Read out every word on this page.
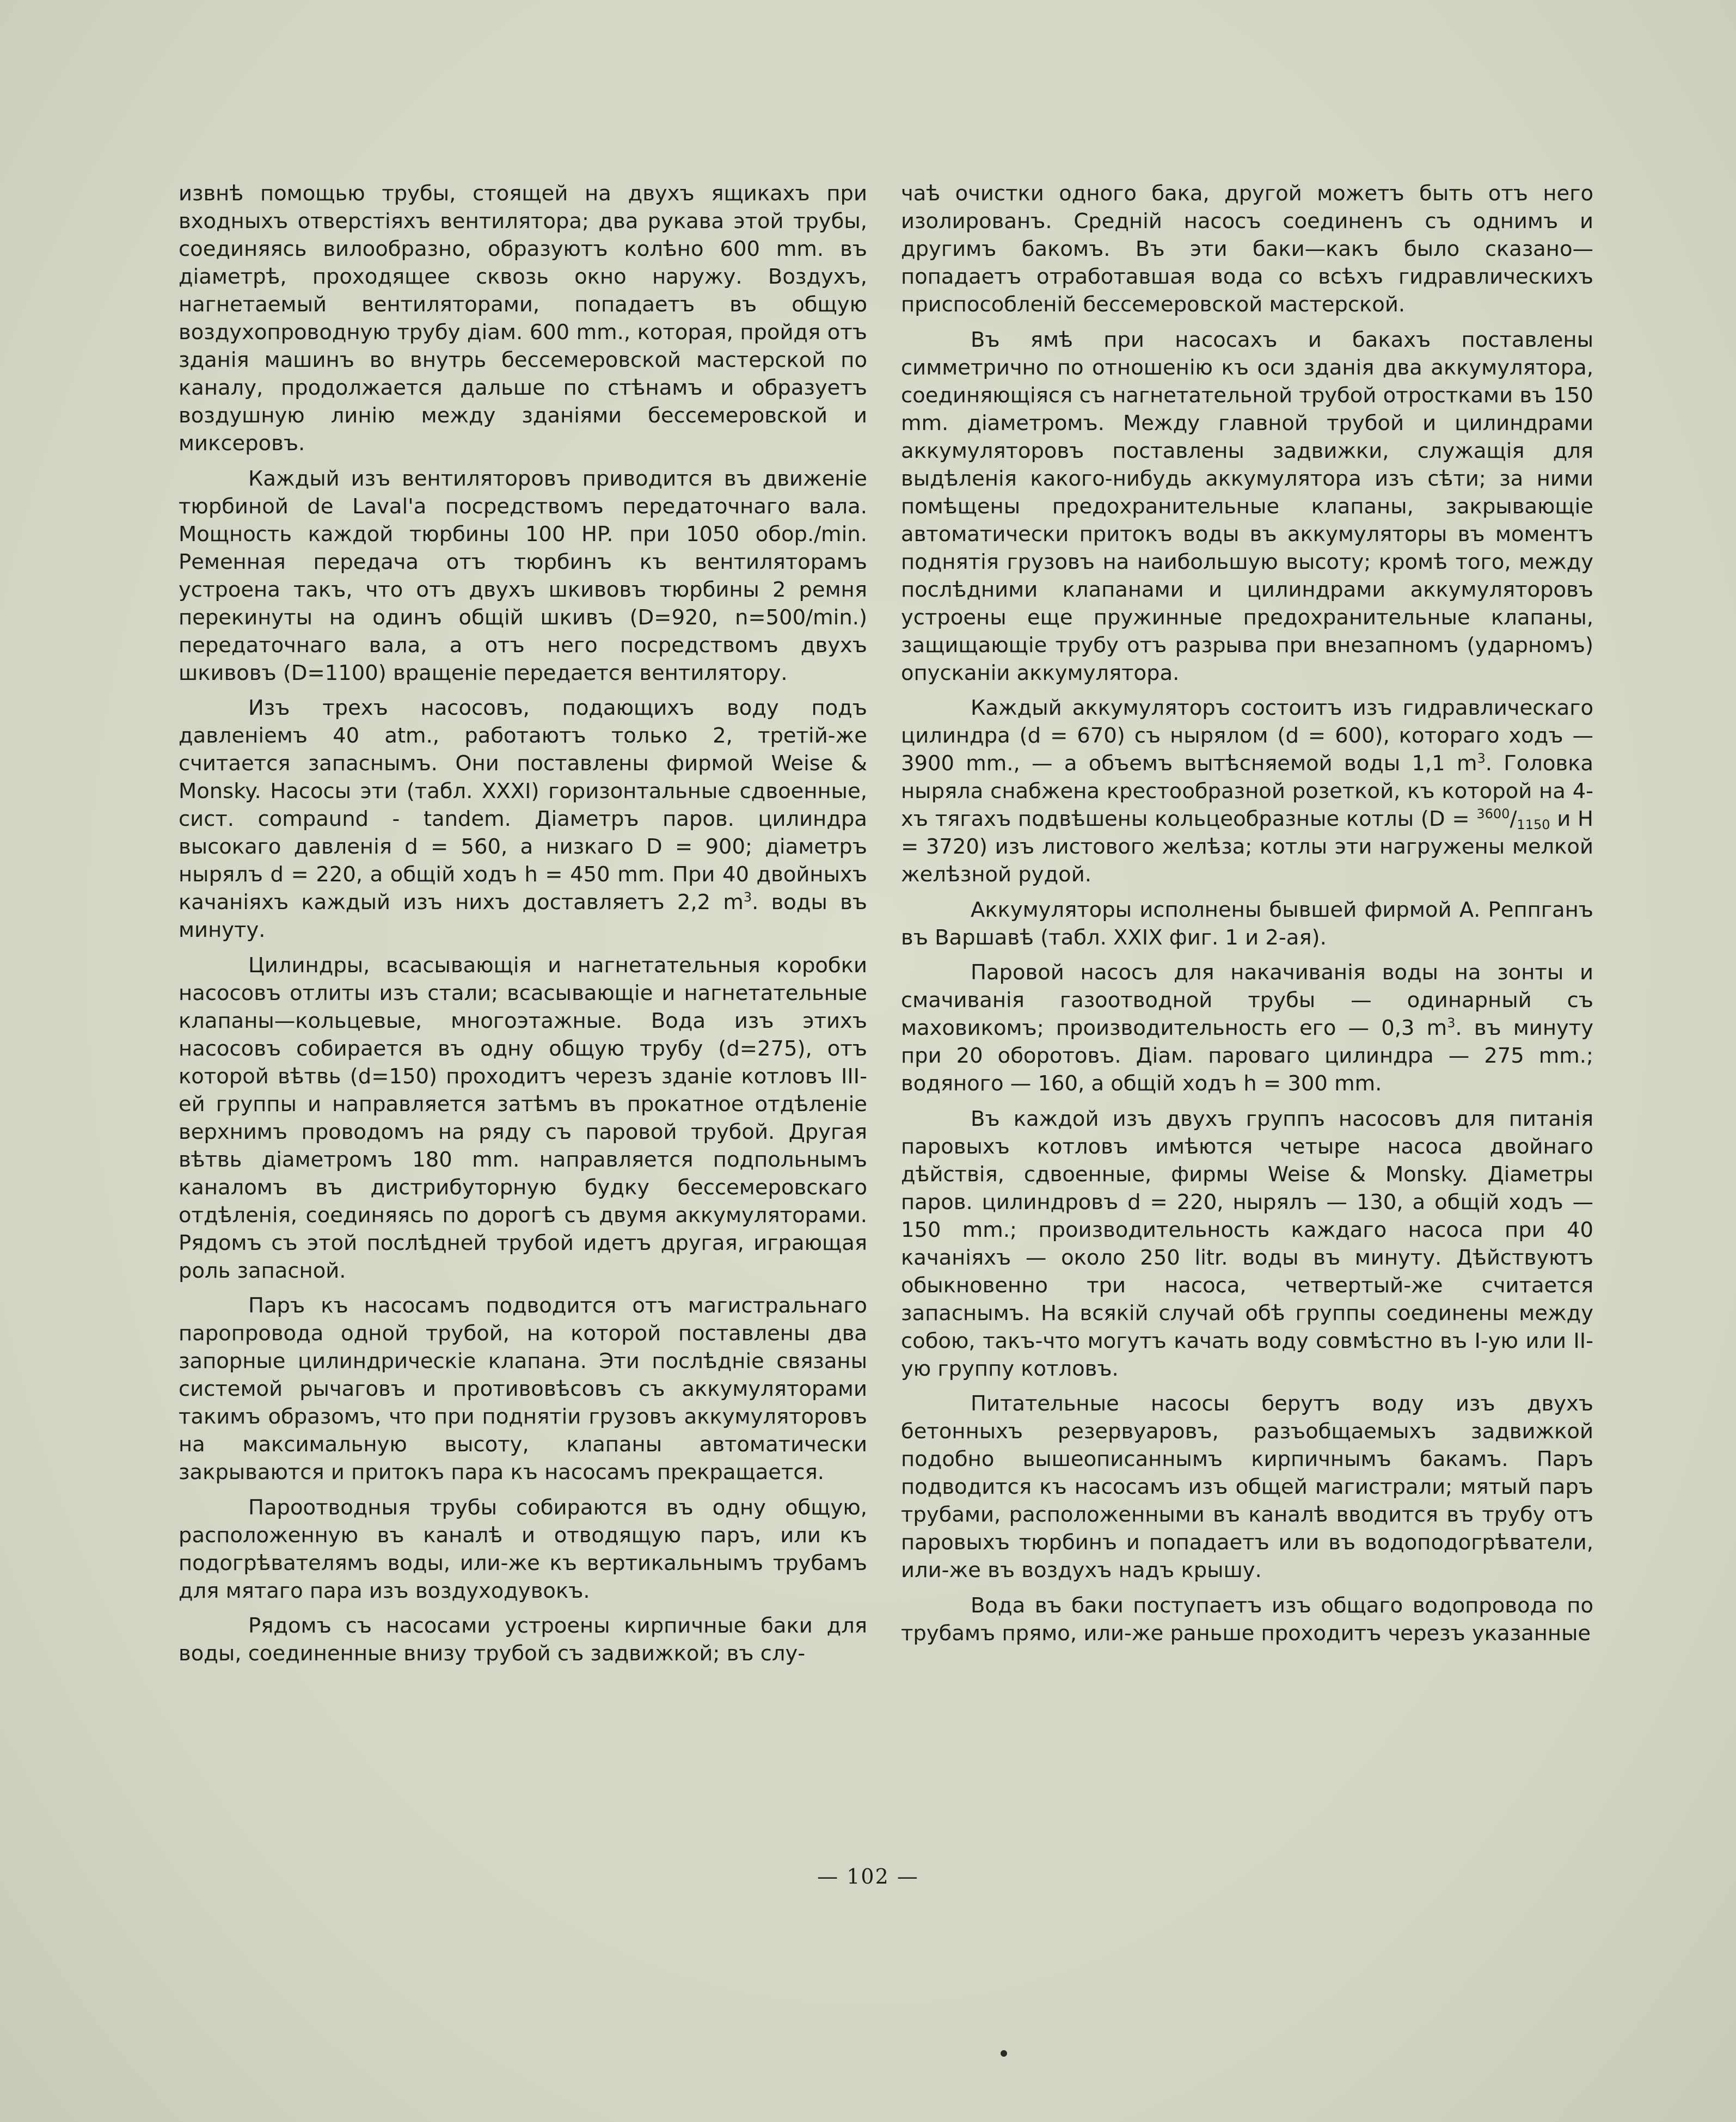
извнѣ помощью трубы, стоящей на двухъ ящикахъ при входныхъ отверстіяхъ вентилятора; два рукава этой трубы, соединяясь вилообразно, образуютъ колѣно 600 mm. въ діаметрѣ, проходящее сквозь окно наружу. Воздухъ, нагнетаемый вентиляторами, попадаетъ въ общую воздухопроводную трубу діам. 600 mm., которая, пройдя отъ зданія машинъ во внутрь бессемеровской мастерской по каналу, продолжается дальше по стѣнамъ и образуетъ воздушную линію между зданіями бессемеровской и миксеровъ.

Каждый изъ вентиляторовъ приводится въ движеніе тюрбиной de Laval'а посредствомъ передаточнаго вала. Мощность каждой тюрбины 100 HP. при 1050 обор./min. Ременная передача отъ тюрбинъ къ вентиляторамъ устроена такъ, что отъ двухъ шкивовъ тюрбины 2 ремня перекинуты на одинъ общій шкивъ (D=920, n=500/min.) передаточнаго вала, а отъ него посредствомъ двухъ шкивовъ (D=1100) вращеніе передается вентилятору.

Изъ трехъ насосовъ, подающихъ воду подъ давленіемъ 40 atm., работаютъ только 2, третій-же считается запаснымъ. Они поставлены фирмой Weise & Monsky. Насосы эти (табл. XXXI) горизонтальные сдвоенные, сист. compaund - tandem. Діаметръ паров. цилиндра высокаго давленія d = 560, а низкаго D = 900; діаметръ нырялъ d = 220, а общій ходъ h = 450 mm. При 40 двойныхъ качаніяхъ каждый изъ нихъ доставляетъ 2,2 $m^3$. воды въ минуту.

Цилиндры, всасывающія и нагнетательныя коробки насосовъ отлиты изъ стали; всасывающіе и нагнетательные клапаны—кольцевые, многоэтажные. Вода изъ этихъ насосовъ собирается въ одну общую трубу (d=275), отъ которой вѣтвь (d=150) проходитъ черезъ зданіе котловъ III-ей группы и направляется затѣмъ въ прокатное отдѣленіе верхнимъ проводомъ на ряду съ паровой трубой. Другая вѣтвь діаметромъ 180 mm. направляется подпольнымъ каналомъ въ дистрибуторную будку бессемеровскаго отдѣленія, соединяясь по дорогѣ съ двумя аккумуляторами. Рядомъ съ этой послѣдней трубой идетъ другая, играющая роль запасной.

Паръ къ насосамъ подводится отъ магистральнаго паропровода одной трубой, на которой поставлены два запорные цилиндрическіе клапана. Эти послѣдніе связаны системой рычаговъ и противовѣсовъ съ аккумуляторами такимъ образомъ, что при поднятіи грузовъ аккумуляторовъ на максимальную высоту, клапаны автоматически закрываются и притокъ пара къ насосамъ прекращается.

Пароотводныя трубы собираются въ одну общую, расположенную въ каналѣ и отводящую паръ, или къ подогрѣвателямъ воды, или-же къ вертикальнымъ трубамъ для мятаго пара изъ воздуходувокъ.

Рядомъ съ насосами устроены кирпичные баки для воды, соединенные внизу трубой съ задвижкой; въ слу-

чаѣ очистки одного бака, другой можетъ быть отъ него изолированъ. Средній насосъ соединенъ съ однимъ и другимъ бакомъ. Въ эти баки—какъ было сказано—попадаетъ отработавшая вода со всѣхъ гидравлическихъ приспособленій бессемеровской мастерской.

Въ ямѣ при насосахъ и бакахъ поставлены симметрично по отношенію къ оси зданія два аккумулятора, соединяющіяся съ нагнетательной трубой отростками въ 150 mm. діаметромъ. Между главной трубой и цилиндрами аккумуляторовъ поставлены задвижки, служащія для выдѣленія какого-нибудь аккумулятора изъ сѣти; за ними помѣщены предохранительные клапаны, закрывающіе автоматически притокъ воды въ аккумуляторы въ моментъ поднятія грузовъ на наибольшую высоту; кромѣ того, между послѣдними клапанами и цилиндрами аккумуляторовъ устроены еще пружинные предохранительные клапаны, защищающіе трубу отъ разрыва при внезапномъ (ударномъ) опусканіи аккумулятора.

Каждый аккумуляторъ состоитъ изъ гидравлическаго цилиндра (d = 670) съ нырялом (d = 600), котораго ходъ — 3900 mm., — а объемъ вытѣсняемой воды 1,1 $m^3$. Головка ныряла снабжена крестообразной розеткой, къ которой на 4-хъ тягахъ подвѣшены кольцеобразные котлы (D = $^{3600}$/1150 и H = 3720) изъ листового желѣза; котлы эти нагружены мелкой желѣзной рудой.

Аккумуляторы исполнены бывшей фирмой А. Реппганъ въ Варшавѣ (табл. XXIX фиг. 1 и 2-ая).

Паровой насосъ для накачиванія воды на зонты и смачиванія газоотводной трубы — одинарный съ маховикомъ; производительность его — 0,3 $m^3$. въ минуту при 20 оборотовъ. Діам. пароваго цилиндра — 275 mm.; водяного — 160, а общій ходъ h = 300 mm.

Въ каждой изъ двухъ группъ насосовъ для питанія паровыхъ котловъ имѣются четыре насоса двойнаго дѣйствія, сдвоенные, фирмы Weise & Monsky. Діаметры паров. цилиндровъ d = 220, нырялъ — 130, а общій ходъ — 150 mm.; производительность каждаго насоса при 40 качаніяхъ — около 250 litr. воды въ минуту. Дѣйствуютъ обыкновенно три насоса, четвертый-же считается запаснымъ. На всякій случай обѣ группы соединены между собою, такъ-что могутъ качать воду совмѣстно въ I-ую или II-ую группу котловъ.

Питательные насосы берутъ воду изъ двухъ бетонныхъ резервуаровъ, разъобщаемыхъ задвижкой подобно вышеописаннымъ кирпичнымъ бакамъ. Паръ подводится къ насосамъ изъ общей магистрали; мятый паръ трубами, расположенными въ каналѣ вводится въ трубу отъ паровыхъ тюрбинъ и попадаетъ или въ водоподогрѣватели, или-же въ воздухъ надъ крышу.

Вода въ баки поступаетъ изъ общаго водопровода по трубамъ прямо, или-же раньше проходитъ черезъ указанные

— 102 —
